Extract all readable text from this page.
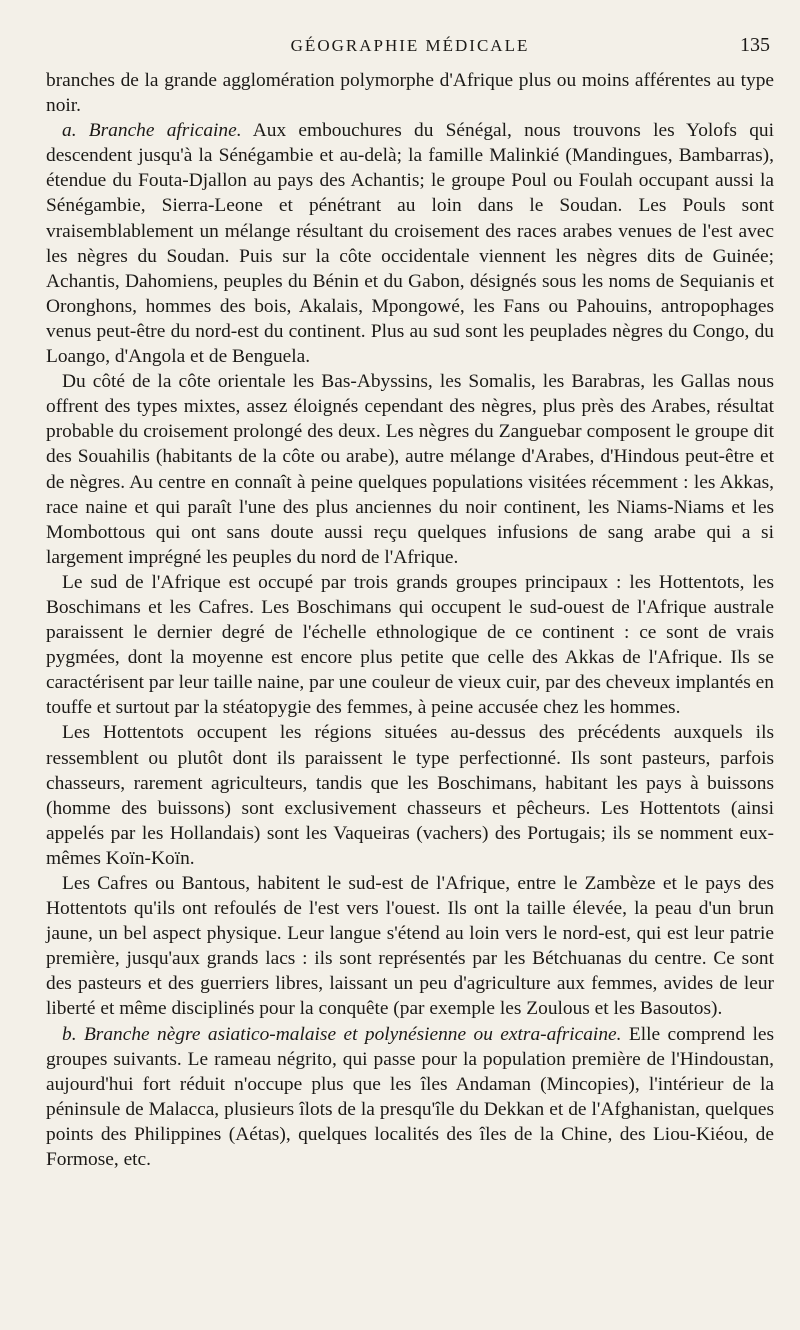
GÉOGRAPHIE MÉDICALE	135

branches de la grande agglomération polymorphe d'Afrique plus ou moins afférentes au type noir.

a. Branche africaine. Aux embouchures du Sénégal, nous trouvons les Yolofs qui descendent jusqu'à la Sénégambie et au-delà; la famille Malinkié (Mandingues, Bambarras), étendue du Fouta-Djallon au pays des Achantis; le groupe Poul ou Foulah occupant aussi la Sénégambie, Sierra-Leone et pénétrant au loin dans le Soudan. Les Pouls sont vraisemblablement un mélange résultant du croisement des races arabes venues de l'est avec les nègres du Soudan. Puis sur la côte occidentale viennent les nègres dits de Guinée; Achantis, Dahomiens, peuples du Bénin et du Gabon, désignés sous les noms de Sequianis et Oronghons, hommes des bois, Akalais, Mpongowé, les Fans ou Pahouins, antropophages venus peut-être du nord-est du continent. Plus au sud sont les peuplades nègres du Congo, du Loango, d'Angola et de Benguela.

Du côté de la côte orientale les Bas-Abyssins, les Somalis, les Barabras, les Gallas nous offrent des types mixtes, assez éloignés cependant des nègres, plus près des Arabes, résultat probable du croisement prolongé des deux. Les nègres du Zanguebar composent le groupe dit des Souahilis (habitants de la côte ou arabe), autre mélange d'Arabes, d'Hindous peut-être et de nègres. Au centre en connaît à peine quelques populations visitées récemment : les Akkas, race naine et qui paraît l'une des plus anciennes du noir continent, les Niams-Niams et les Mombottous qui ont sans doute aussi reçu quelques infusions de sang arabe qui a si largement imprégné les peuples du nord de l'Afrique.

Le sud de l'Afrique est occupé par trois grands groupes principaux : les Hottentots, les Boschimans et les Cafres. Les Boschimans qui occupent le sud-ouest de l'Afrique australe paraissent le dernier degré de l'échelle ethnologique de ce continent : ce sont de vrais pygmées, dont la moyenne est encore plus petite que celle des Akkas de l'Afrique. Ils se caractérisent par leur taille naine, par une couleur de vieux cuir, par des cheveux implantés en touffe et surtout par la stéatopygie des femmes, à peine accusée chez les hommes.

Les Hottentots occupent les régions situées au-dessus des précédents auxquels ils ressemblent ou plutôt dont ils paraissent le type perfectionné. Ils sont pasteurs, parfois chasseurs, rarement agriculteurs, tandis que les Boschimans, habitant les pays à buissons (homme des buissons) sont exclusivement chasseurs et pêcheurs. Les Hottentots (ainsi appelés par les Hollandais) sont les Vaqueiras (vachers) des Portugais; ils se nomment eux-mêmes Koïn-Koïn.

Les Cafres ou Bantous, habitent le sud-est de l'Afrique, entre le Zambèze et le pays des Hottentots qu'ils ont refoulés de l'est vers l'ouest. Ils ont la taille élevée, la peau d'un brun jaune, un bel aspect physique. Leur langue s'étend au loin vers le nord-est, qui est leur patrie première, jusqu'aux grands lacs : ils sont représentés par les Bétchuanas du centre. Ce sont des pasteurs et des guerriers libres, laissant un peu d'agriculture aux femmes, avides de leur liberté et même disciplinés pour la conquête (par exemple les Zoulous et les Basoutos).

b. Branche nègre asiatico-malaise et polynésienne ou extra-africaine. Elle comprend les groupes suivants. Le rameau négrito, qui passe pour la population première de l'Hindoustan, aujourd'hui fort réduit n'occupe plus que les îles Andaman (Mincopies), l'intérieur de la péninsule de Malacca, plusieurs îlots de la presqu'île du Dekkan et de l'Afghanistan, quelques points des Philippines (Aétas), quelques localités des îles de la Chine, des Liou-Kiéou, de Formose, etc.
